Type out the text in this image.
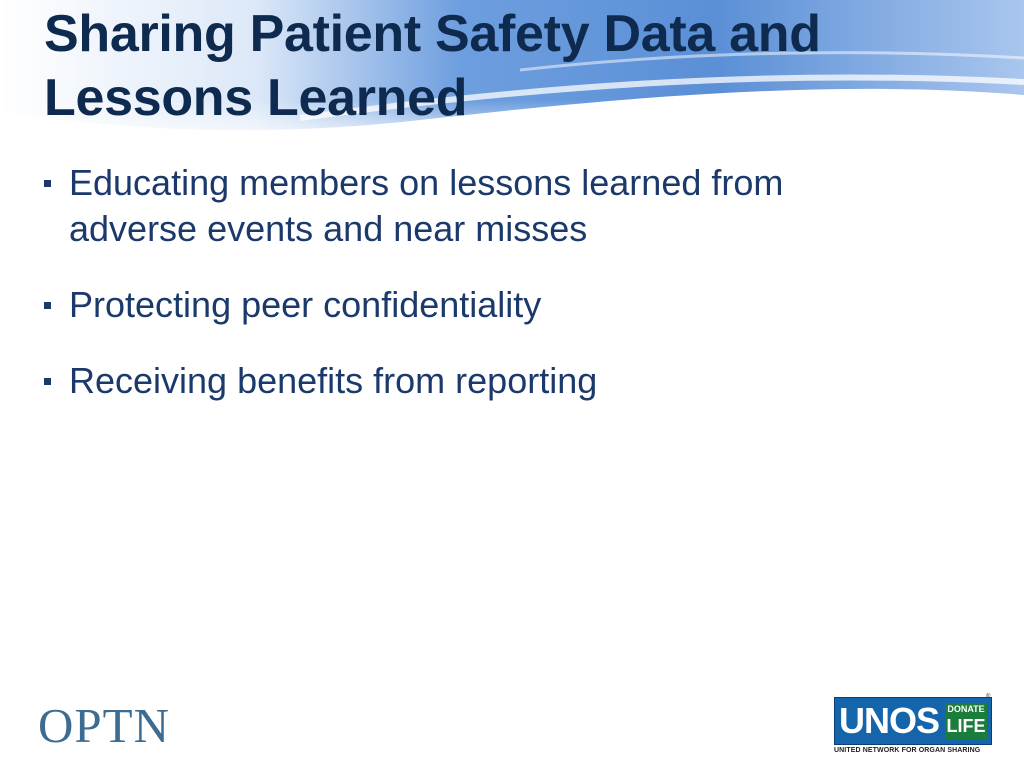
Sharing Patient Safety Data and
Lessons Learned
Educating members on lessons learned from
adverse events and near misses
Protecting peer confidentiality
Receiving benefits from reporting
OPTN	UNOS DONATE
LIFE
®
UNITED NETWORK FOR ORGAN SHARING
